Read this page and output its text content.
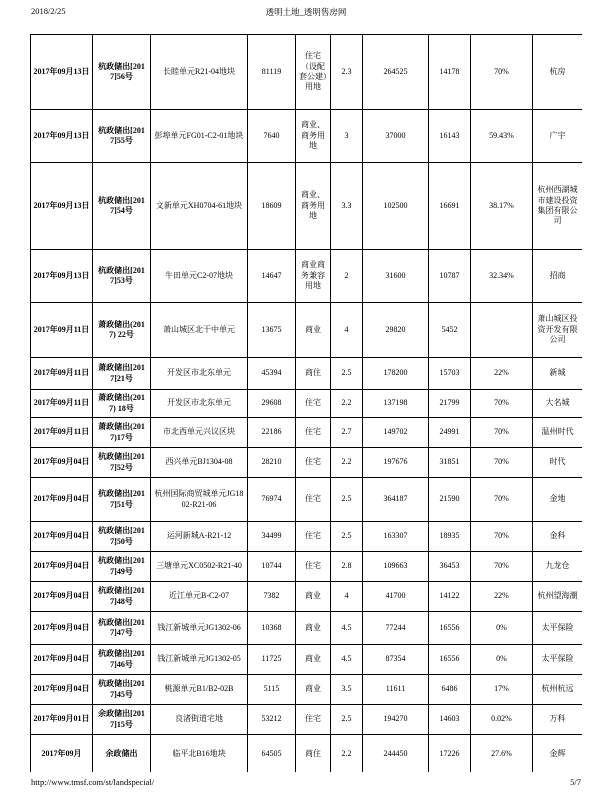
2018/2/25	透明土地_透明售房网
2017年09月13日	杭政储出[2017]56号	长睦单元R21-04地块	81119	住宅（设配套公建）用地	2.3	264525	14178	70%	杭房
2017年09月13日	杭政储出[2017]55号	彭埠单元FG01-C2-01地块	7640	商业、商务用地	3	37000	16143	59.43%	广宇
2017年09月13日	杭政储出[2017]54号	文新单元XH0704-61地块	18609	商业、商务用地	3.3	102500	16691	38.17%	杭州西湖城市建设投资集团有限公司
2017年09月13日	杭政储出[2017]53号	牛田单元C2-07地块	14647	商业商务兼容用地	2	31600	10787	32.34%	招商
2017年09月11日	萧政储出(2017) 22号	萧山城区北干中单元	13675	商业	4	29820	5452		萧山城区投资开发有限公司
2017年09月11日	萧政储出[2017]21号	开发区市北东单元	45394	商住	2.5	178200	15703	22%	新城
2017年09月11日	萧政储出(2017) 18号	开发区市北东单元	29608	住宅	2.2	137198	21799	70%	大名城
2017年09月11日	萧政储出(2017)17号	市北西单元兴议区块	22186	住宅	2.7	149702	24991	70%	温州时代
2017年09月04日	杭政储出[2017]52号	西兴单元BJ1304-08	28210	住宅	2.2	197676	31851	70%	时代
2017年09月04日	杭政储出[2017]51号	杭州国际商贸城单元JG1802-R21-06	76974	住宅	2.5	364187	21590	70%	金地
2017年09月04日	杭政储出[2017]50号	运河新城A-R21-12	34499	住宅	2.5	163307	18935	70%	金科
2017年09月04日	杭政储出[2017]49号	三塘单元XC0502-R21-40	10744	住宅	2.8	109663	36453	70%	九龙仓
2017年09月04日	杭政储出[2017]48号	近江单元B-C2-07	7382	商业	4	41700	14122	22%	杭州望海潮
2017年09月04日	杭政储出[2017]47号	钱江新城单元JG1302-06	10368	商业	4.5	77244	16556	0%	太平保险
2017年09月04日	杭政储出[2017]46号	钱江新城单元JG1302-05	11725	商业	4.5	87354	16556	0%	太平保险
2017年09月04日	杭政储出[2017]45号	桃源单元B1/B2-02B	5115	商业	3.5	11611	6486	17%	杭州杭远
2017年09月01日	余政储出[2017]15号	良渚街道宅地	53212	住宅	2.5	194270	14603	0.02%	万科
2017年09月	余政储出	临平北B16地块	64505	商住	2.2	244450	17226	27.6%	金辉
http://www.tmsf.com/st/landspecial/	5/7
